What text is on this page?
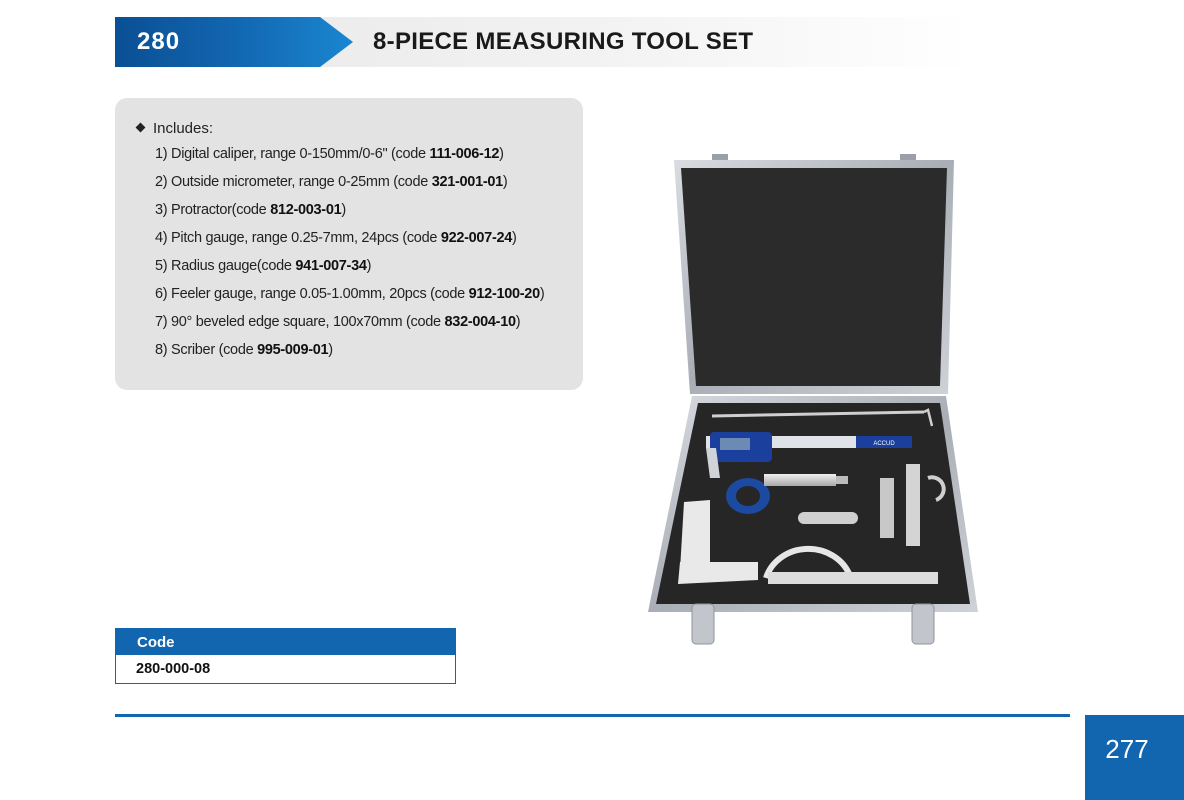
280	8-PIECE MEASURING TOOL SET
Includes:
1) Digital caliper, range 0-150mm/0-6" (code 111-006-12)
2) Outside micrometer, range 0-25mm (code 321-001-01)
3) Protractor(code 812-003-01)
4) Pitch gauge, range 0.25-7mm, 24pcs (code 922-007-24)
5) Radius gauge(code 941-007-34)
6) Feeler gauge, range 0.05-1.00mm, 20pcs (code 912-100-20)
7) 90° beveled edge square, 100x70mm (code 832-004-10)
8) Scriber (code 995-009-01)
ACCUD
Code
280-000-08
277
